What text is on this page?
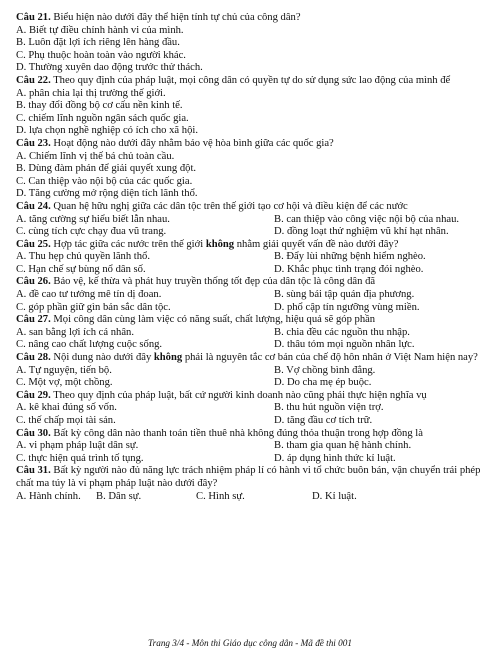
Câu 21. Biểu hiện nào dưới đây thể hiện tính tự chủ của công dân?
A. Biết tự điều chỉnh hành vi của mình.
B. Luôn đặt lợi ích riêng lên hàng đầu.
C. Phụ thuộc hoàn toàn vào người khác.
D. Thường xuyên dao động trước thử thách.
Câu 22. Theo quy định của pháp luật, mọi công dân có quyền tự do sử dụng sức lao động của mình để
A. phân chia lại thị trường thế giới.
B. thay đổi đồng bộ cơ cấu nền kinh tế.
C. chiếm lĩnh nguồn ngân sách quốc gia.
D. lựa chọn nghề nghiệp có ích cho xã hội.
Câu 23. Hoạt động nào dưới đây nhằm bảo vệ hòa bình giữa các quốc gia?
A. Chiếm lĩnh vị thế bá chủ toàn cầu.
B. Dùng đàm phán để giải quyết xung đột.
C. Can thiệp vào nội bộ của các quốc gia.
D. Tăng cường mở rộng diện tích lãnh thổ.
Câu 24. Quan hệ hữu nghị giữa các dân tộc trên thế giới tạo cơ hội và điều kiện để các nước
A. tăng cường sự hiểu biết lẫn nhau.	B. can thiệp vào công việc nội bộ của nhau.
C. cùng tích cực chạy đua vũ trang.	D. đồng loạt thử nghiệm vũ khí hạt nhân.
Câu 25. Hợp tác giữa các nước trên thế giới không nhằm giải quyết vấn đề nào dưới đây?
A. Thu hẹp chủ quyền lãnh thổ.	B. Đẩy lùi những bệnh hiểm nghèo.
C. Hạn chế sự bùng nổ dân số.	D. Khắc phục tình trạng đói nghèo.
Câu 26. Bảo vệ, kế thừa và phát huy truyền thống tốt đẹp của dân tộc là công dân đã
A. đề cao tư tưởng mê tín dị đoan.	B. sùng bái tập quán địa phương.
C. góp phần giữ gìn bản sắc dân tộc.	D. phổ cập tín ngưỡng vùng miền.
Câu 27. Mọi công dân cùng làm việc có năng suất, chất lượng, hiệu quả sẽ góp phần
A. san bằng lợi ích cá nhân.	B. chia đều các nguồn thu nhập.
C. nâng cao chất lượng cuộc sống.	D. thâu tóm mọi nguồn nhân lực.
Câu 28. Nội dung nào dưới đây không phải là nguyên tắc cơ bản của chế độ hôn nhân ở Việt Nam hiện nay?
A. Tự nguyện, tiến bộ.	B. Vợ chồng bình đẳng.
C. Một vợ, một chồng.	D. Do cha mẹ ép buộc.
Câu 29. Theo quy định của pháp luật, bất cứ người kinh doanh nào cũng phải thực hiện nghĩa vụ
A. kê khai đúng số vốn.	B. thu hút nguồn viện trợ.
C. thế chấp mọi tài sản.	D. tăng đầu cơ tích trữ.
Câu 30. Bất kỳ công dân nào thanh toán tiền thuê nhà không đúng thỏa thuận trong hợp đồng là
A. vi phạm pháp luật dân sự.	B. tham gia quan hệ hành chính.
C. thực hiện quá trình tố tụng.	D. áp dụng hình thức kỉ luật.
Câu 31. Bất kỳ người nào đủ năng lực trách nhiệm pháp lí có hành vi tổ chức buôn bán, vận chuyển trái phép chất ma túy là vi phạm pháp luật nào dưới đây?
A. Hành chính.	B. Dân sự.	C. Hình sự.	D. Kỉ luật.
Trang 3/4 - Môn thi Giáo dục công dân - Mã đề thi 001
